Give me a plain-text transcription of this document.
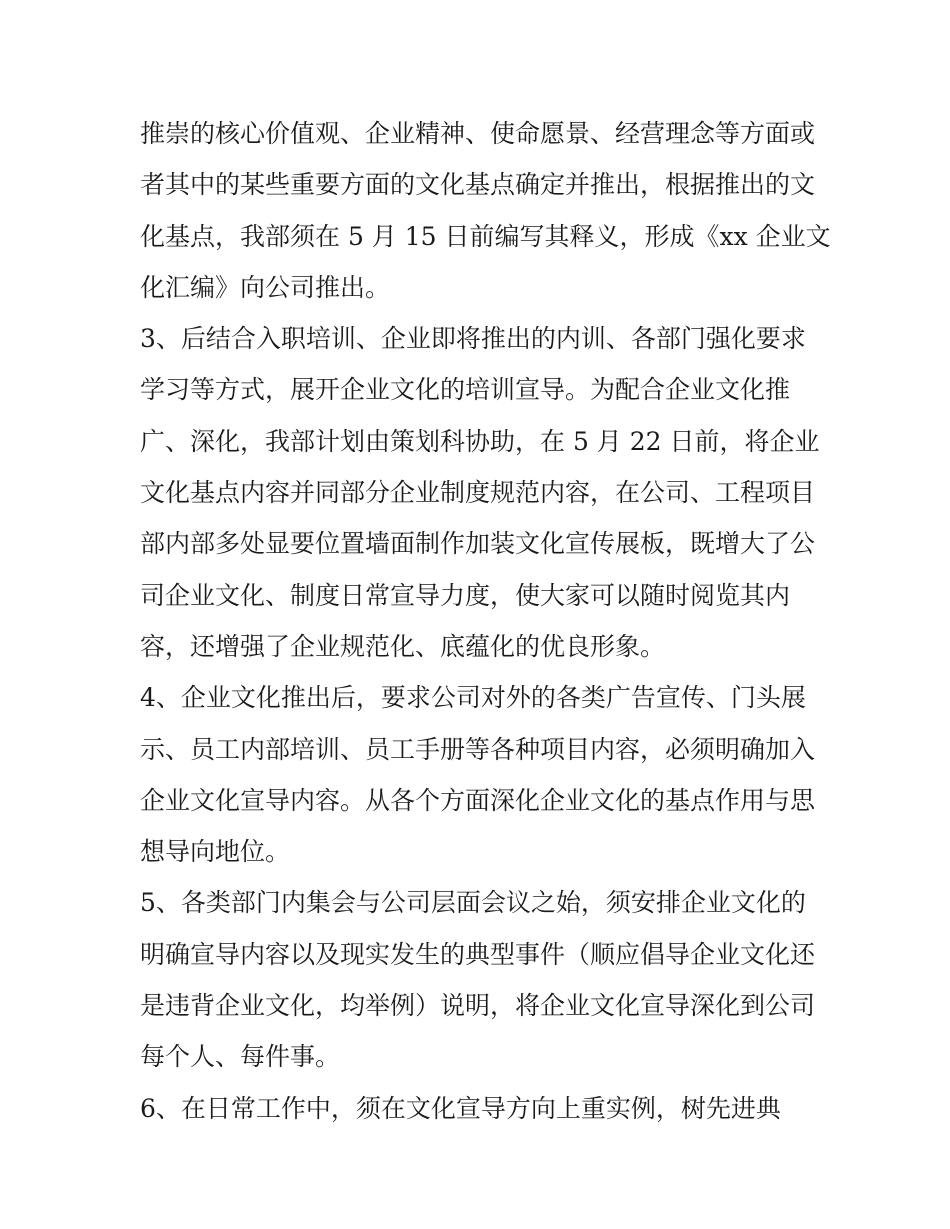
推崇的核心价值观、企业精神、使命愿景、经营理念等方面或
者其中的某些重要方面的文化基点确定并推出，根据推出的文
化基点，我部须在 5 月 15 日前编写其释义，形成《xx 企业文
化汇编》向公司推出。
3、后结合入职培训、企业即将推出的内训、各部门强化要求
学习等方式，展开企业文化的培训宣导。为配合企业文化推
广、深化，我部计划由策划科协助，在 5 月 22 日前，将企业
文化基点内容并同部分企业制度规范内容，在公司、工程项目
部内部多处显要位置墙面制作加装文化宣传展板，既增大了公
司企业文化、制度日常宣导力度，使大家可以随时阅览其内
容，还增强了企业规范化、底蕴化的优良形象。
4、企业文化推出后，要求公司对外的各类广告宣传、门头展
示、员工内部培训、员工手册等各种项目内容，必须明确加入
企业文化宣导内容。从各个方面深化企业文化的基点作用与思
想导向地位。
5、各类部门内集会与公司层面会议之始，须安排企业文化的
明确宣导内容以及现实发生的典型事件（顺应倡导企业文化还
是违背企业文化，均举例）说明，将企业文化宣导深化到公司
每个人、每件事。
6、在日常工作中，须在文化宣导方向上重实例，树先进典
